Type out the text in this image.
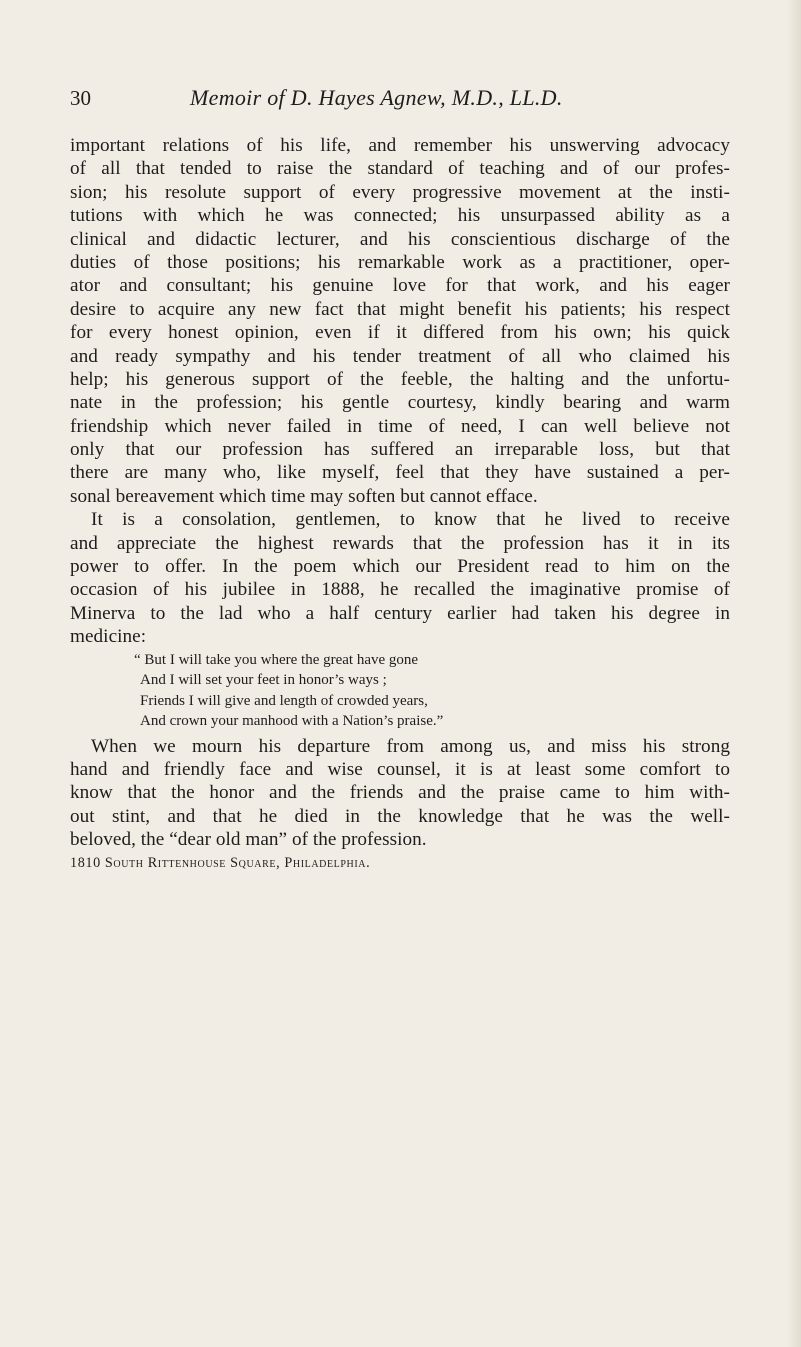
30	Memoir of D. Hayes Agnew, M.D., LL.D.
important relations of his life, and remember his unswerving advocacy
of all that tended to raise the standard of teaching and of our profes-
sion; his resolute support of every progressive movement at the insti-
tutions with which he was connected; his unsurpassed ability as a
clinical and didactic lecturer, and his conscientious discharge of the
duties of those positions; his remarkable work as a practitioner, oper-
ator and consultant; his genuine love for that work, and his eager
desire to acquire any new fact that might benefit his patients; his respect
for every honest opinion, even if it differed from his own; his quick
and ready sympathy and his tender treatment of all who claimed his
help; his generous support of the feeble, the halting and the unfortu-
nate in the profession; his gentle courtesy, kindly bearing and warm
friendship which never failed in time of need, I can well believe not
only that our profession has suffered an irreparable loss, but that
there are many who, like myself, feel that they have sustained a per-
sonal bereavement which time may soften but cannot efface.
It is a consolation, gentlemen, to know that he lived to receive
and appreciate the highest rewards that the profession has it in its
power to offer. In the poem which our President read to him on the
occasion of his jubilee in 1888, he recalled the imaginative promise of
Minerva to the lad who a half century earlier had taken his degree in
medicine:
“ But I will take you where the great have gone
And I will set your feet in honor’s ways ;
Friends I will give and length of crowded years,
And crown your manhood with a Nation’s praise.”
When we mourn his departure from among us, and miss his strong
hand and friendly face and wise counsel, it is at least some comfort to
know that the honor and the friends and the praise came to him with-
out stint, and that he died in the knowledge that he was the well-
beloved, the “dear old man” of the profession.
1810 South Rittenhouse Square, Philadelphia.
